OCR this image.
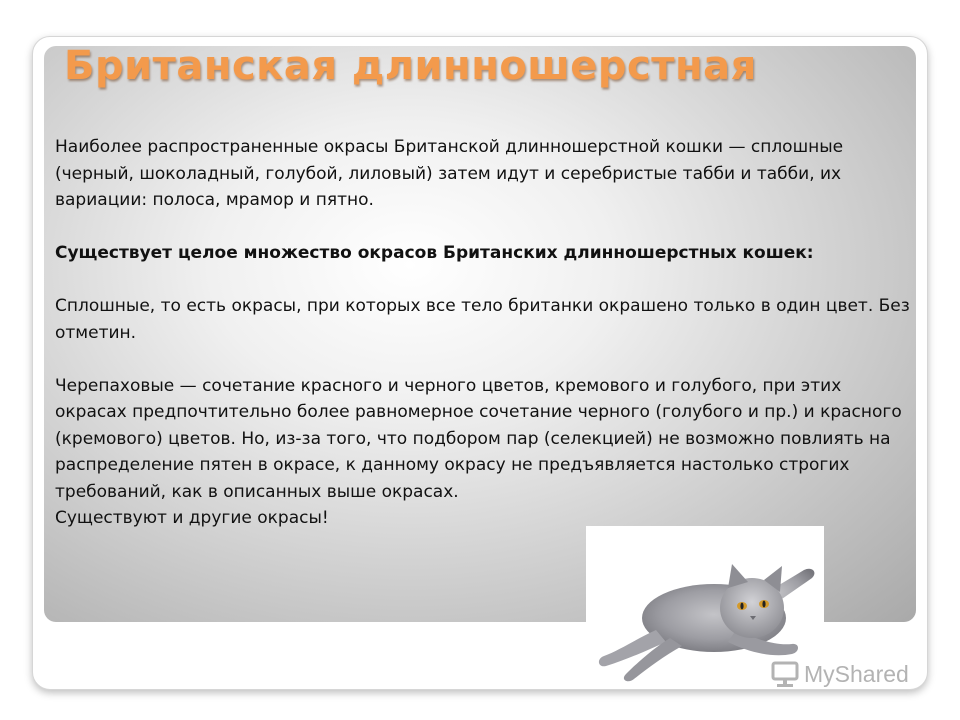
Британская длинношерстная

Наиболее распространенные окрасы Британской длинношерстной кошки — сплошные (черный, шоколадный, голубой, лиловый) затем идут и серебристые табби и табби, их вариации: полоса, мрамор и пятно.

Существует целое множество окрасов Британских длинношерстных кошек:

Сплошные, то есть окрасы, при которых все тело британки окрашено только в один цвет. Без отметин.

Черепаховые — сочетание красного и черного цветов, кремового и голубого, при этих окрасах предпочтительно более равномерное сочетание черного (голубого и пр.) и красного (кремового) цветов. Но, из-за того, что подбором пар (селекцией) не возможно повлиять на распределение пятен в окрасе, к данному окрасу не предъявляется настолько строгих требований, как в описанных выше окрасах.

Существуют и другие окрасы!

MyShared
